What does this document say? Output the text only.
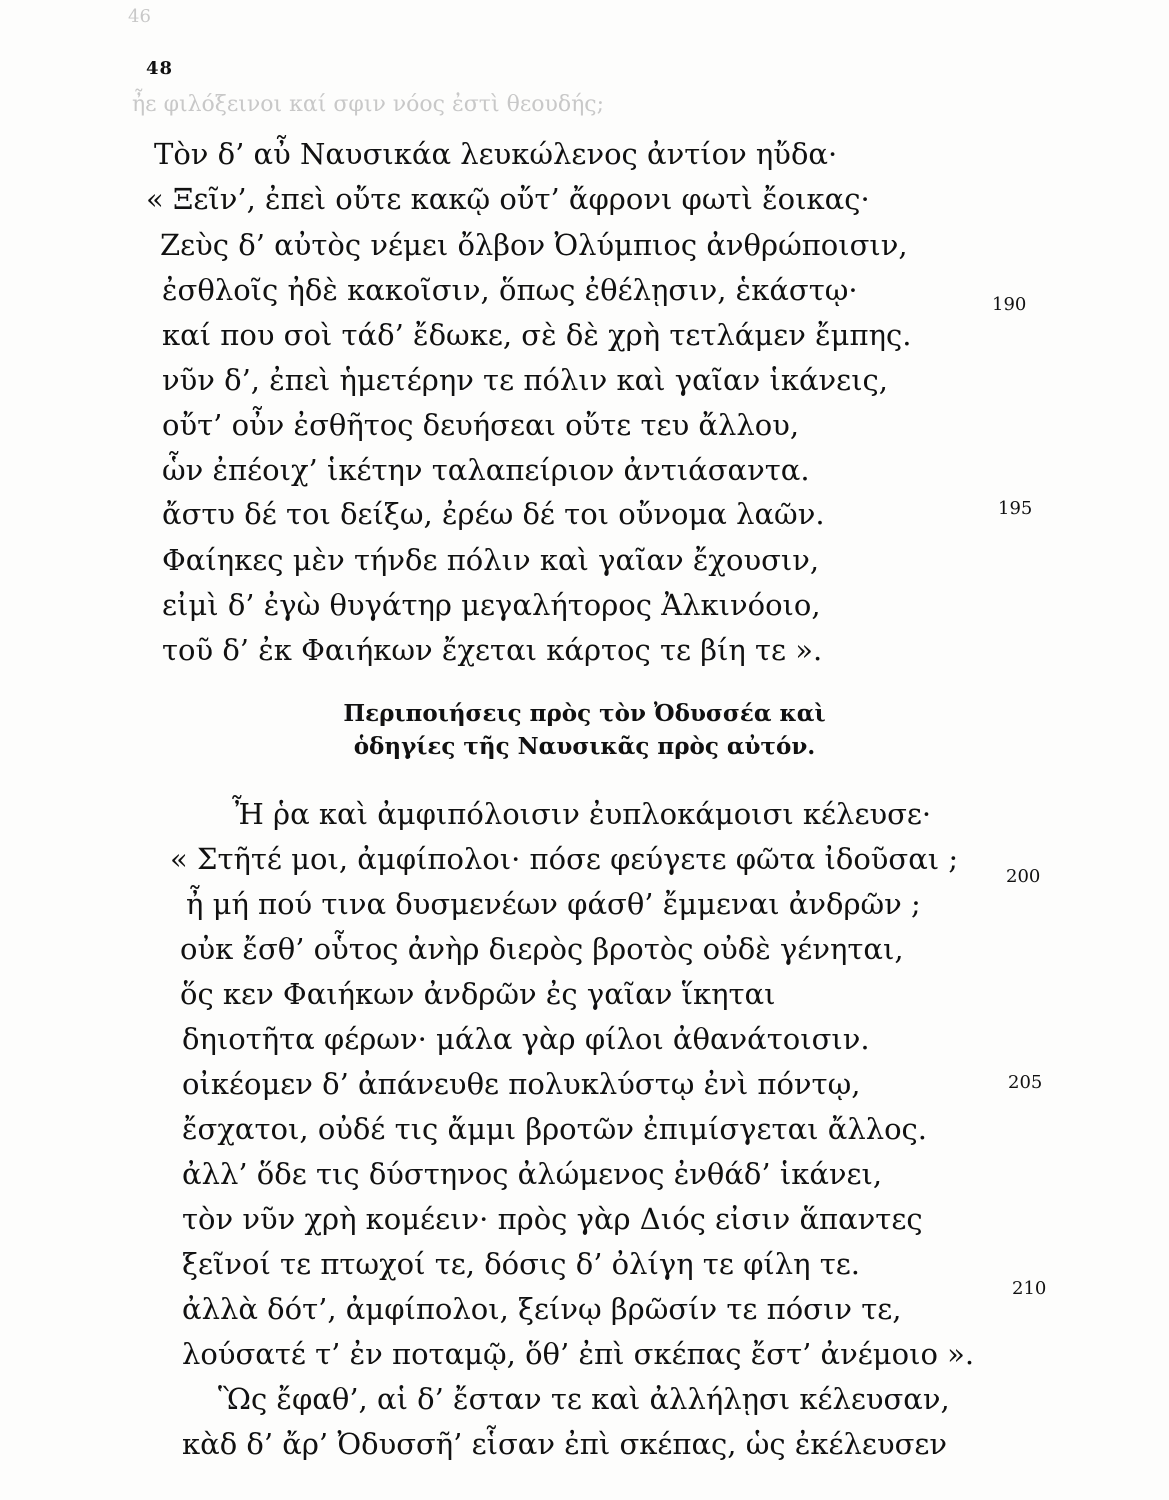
46
ἦε φιλόξεινοι καί σφιν νόος ἐστὶ θεουδής;
48
Τὸν δ’ αὖ Ναυσικάα λευκώλενος ἀντίον ηὔδα·
« Ξεῖν’, ἐπεὶ οὔτε κακῷ οὔτ’ ἄφρονι φωτὶ ἔοικας·
Ζεὺς δ’ αὐτὸς νέμει ὄλβον Ὀλύμπιος ἀνθρώποισιν,
ἐσθλοῖς ἠδὲ κακοῖσιν, ὅπως ἐθέλῃσιν, ἑκάστῳ·
καί που σοὶ τάδ’ ἔδωκε, σὲ δὲ χρὴ τετλάμεν ἔμπης.
190
νῦν δ’, ἐπεὶ ἡμετέρην τε πόλιν καὶ γαῖαν ἱκάνεις,
οὔτ’ οὖν ἐσθῆτος δευήσεαι οὔτε τευ ἄλλου,
ὧν ἐπέοιχ’ ἱκέτην ταλαπείριον ἀντιάσαντα.
ἄστυ δέ τοι δείξω, ἐρέω δέ τοι οὔνομα λαῶν.
Φαίηκες μὲν τήνδε πόλιν καὶ γαῖαν ἔχουσιν,
195
εἰμὶ δ’ ἐγὼ θυγάτηρ μεγαλήτορος Ἀλκινόοιο,
τοῦ δ’ ἐκ Φαιήκων ἔχεται κάρτος τε βίη τε ».
Περιποιήσεις πρὸς τὸν Ὀδυσσέα καὶ
ὁδηγίες τῆς Ναυσικᾶς πρὸς αὐτόν.
Ἦ ῥα καὶ ἀμφιπόλοισιν ἐυπλοκάμοισι κέλευσε·
« Στῆτέ μοι, ἀμφίπολοι· πόσε φεύγετε φῶτα ἰδοῦσαι ;
ἦ μή πού τινα δυσμενέων φάσθ’ ἔμμεναι ἀνδρῶν ;
200
οὐκ ἔσθ’ οὗτος ἀνὴρ διερὸς βροτὸς οὐδὲ γένηται,
ὅς κεν Φαιήκων ἀνδρῶν ἐς γαῖαν ἵκηται
δηιοτῆτα φέρων· μάλα γὰρ φίλοι ἀθανάτοισιν.
οἰκέομεν δ’ ἀπάνευθε πολυκλύστῳ ἐνὶ πόντῳ,
ἔσχατοι, οὐδέ τις ἄμμι βροτῶν ἐπιμίσγεται ἄλλος.
205
ἀλλ’ ὅδε τις δύστηνος ἀλώμενος ἐνθάδ’ ἱκάνει,
τὸν νῦν χρὴ κομέειν· πρὸς γὰρ Διός εἰσιν ἅπαντες
ξεῖνοί τε πτωχοί τε, δόσις δ’ ὀλίγη τε φίλη τε.
ἀλλὰ δότ’, ἀμφίπολοι, ξείνῳ βρῶσίν τε πόσιν τε,
λούσατέ τ’ ἐν ποταμῷ, ὅθ’ ἐπὶ σκέπας ἔστ’ ἀνέμοιο ».
210
Ὣς ἔφαθ’, αἱ δ’ ἔσταν τε καὶ ἀλλήλῃσι κέλευσαν,
κὰδ δ’ ἄρ’ Ὀδυσσῆ’ εἷσαν ἐπὶ σκέπας, ὡς ἐκέλευσεν
